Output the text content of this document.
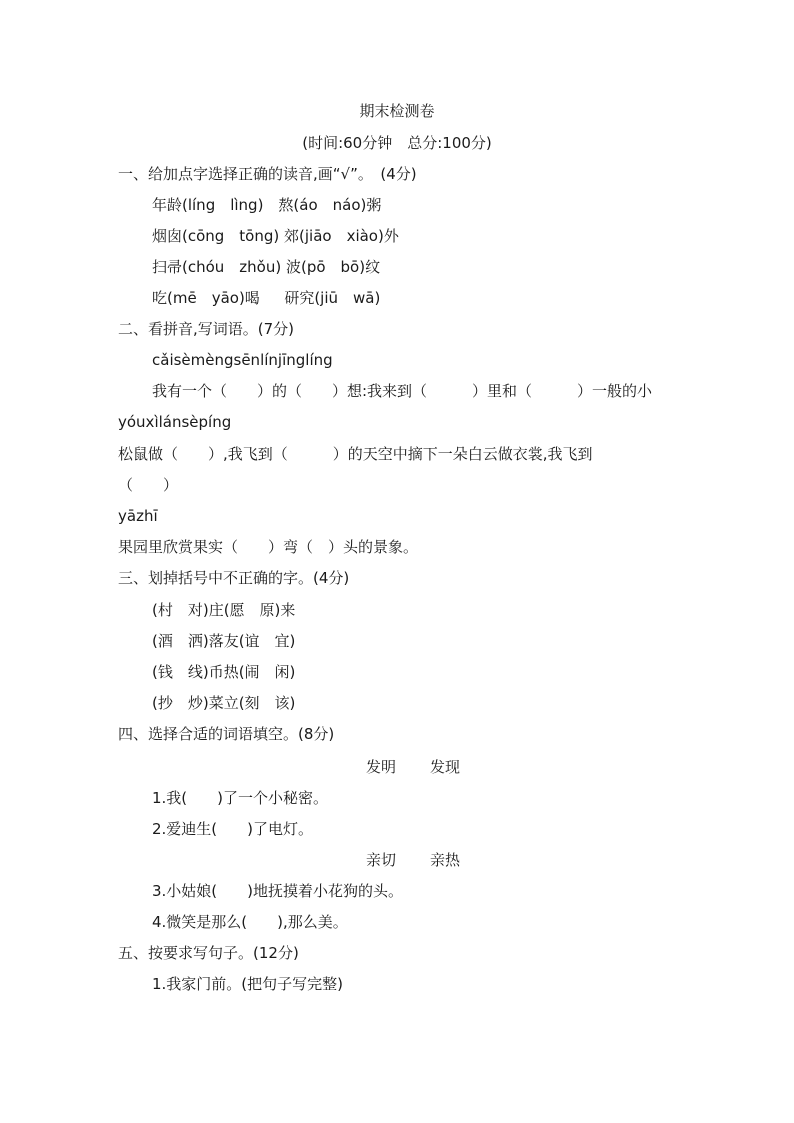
期末检测卷
(时间:60分钟　总分:100分)
一、给加点字选择正确的读音,画“√”。　(4分)
年龄(líng　lìng)　熬(áo　náo)粥
烟囱(cōng　tōng) 郊(jiāo　xiào)外
扫帚(chóu　zhǒu) 波(pō　bō)纹
吃(mē　yāo)喝　  研究(jiū　wā)
二、看拼音,写词语。(7分)
cǎisèmèngsēnlínjīnglíng
我有一个（　　）的（　　）想:我来到（　　　）里和（　　　）一般的小
yóuxìlánsèpíng
松鼠做（　　）,我飞到（　　　）的天空中摘下一朵白云做衣裳,我飞到
（　　）
yāzhī
果园里欣赏果实（　　）弯（　）头的景象。
三、划掉括号中不正确的字。(4分)
(村　对)庄(愿　原)来
(酒　洒)落友(谊　宜)
(钱　线)币热(闹　闲)
(抄　炒)菜立(刻　该)
四、选择合适的词语填空。(8分)
发明 发现
1.我(　　)了一个小秘密。
2.爱迪生(　　)了电灯。
亲切 亲热
3.小姑娘(　　)地抚摸着小花狗的头。
4.微笑是那么(　　),那么美。
五、按要求写句子。(12分)
1.我家门前。(把句子写完整)
